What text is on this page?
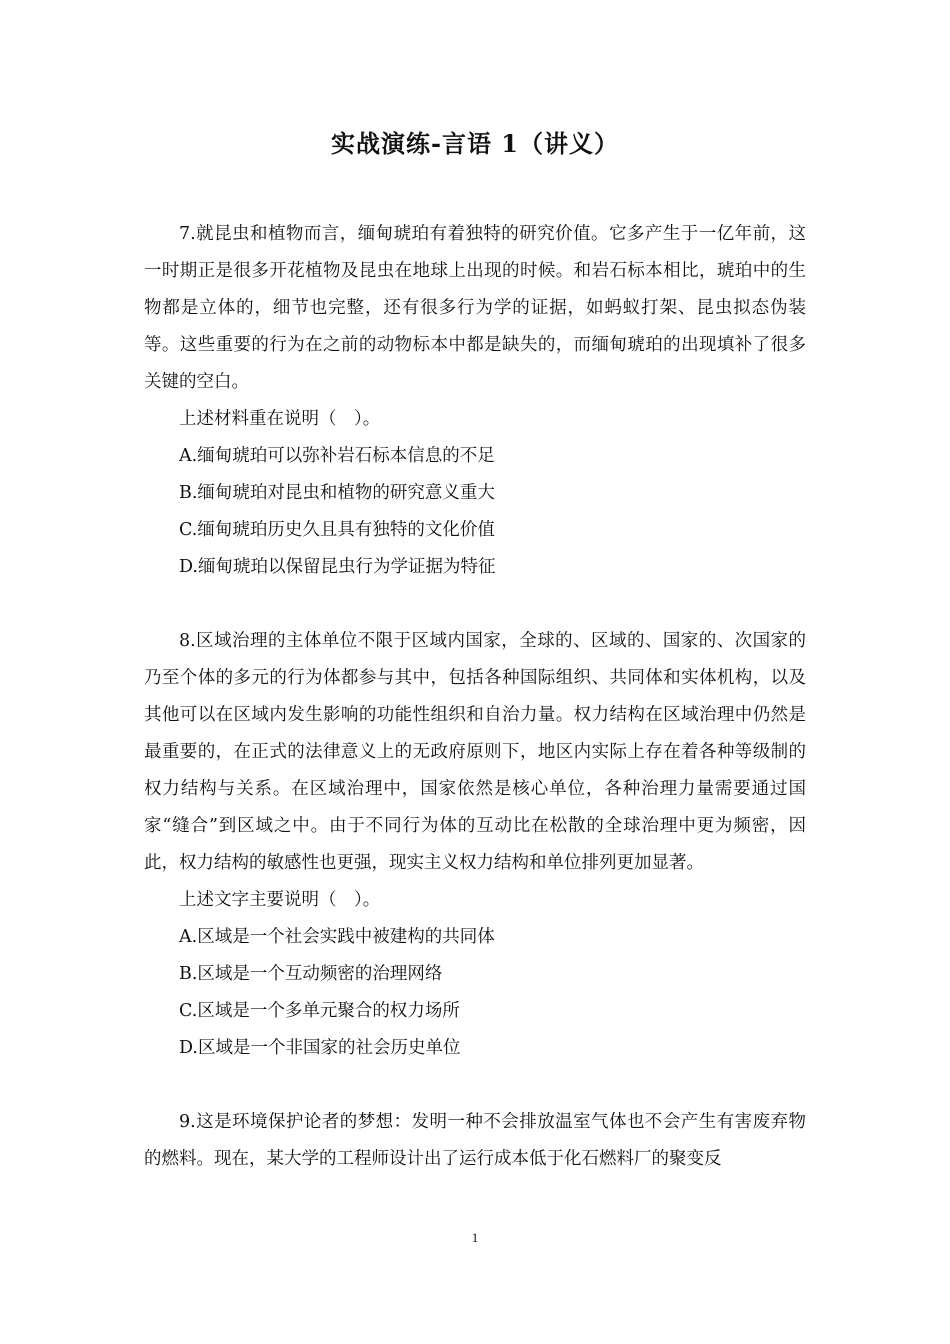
实战演练-言语 1（讲义）

7.就昆虫和植物而言，缅甸琥珀有着独特的研究价值。它多产生于一亿年前，这一时期正是很多开花植物及昆虫在地球上出现的时候。和岩石标本相比，琥珀中的生物都是立体的，细节也完整，还有很多行为学的证据，如蚂蚁打架、昆虫拟态伪装等。这些重要的行为在之前的动物标本中都是缺失的，而缅甸琥珀的出现填补了很多关键的空白。

上述材料重在说明（　）。

A.缅甸琥珀可以弥补岩石标本信息的不足

B.缅甸琥珀对昆虫和植物的研究意义重大

C.缅甸琥珀历史久且具有独特的文化价值

D.缅甸琥珀以保留昆虫行为学证据为特征

8.区域治理的主体单位不限于区域内国家，全球的、区域的、国家的、次国家的乃至个体的多元的行为体都参与其中，包括各种国际组织、共同体和实体机构，以及其他可以在区域内发生影响的功能性组织和自治力量。权力结构在区域治理中仍然是最重要的，在正式的法律意义上的无政府原则下，地区内实际上存在着各种等级制的权力结构与关系。在区域治理中，国家依然是核心单位，各种治理力量需要通过国家“缝合”到区域之中。由于不同行为体的互动比在松散的全球治理中更为频密，因此，权力结构的敏感性也更强，现实主义权力结构和单位排列更加显著。

上述文字主要说明（　）。

A.区域是一个社会实践中被建构的共同体

B.区域是一个互动频密的治理网络

C.区域是一个多单元聚合的权力场所

D.区域是一个非国家的社会历史单位

9.这是环境保护论者的梦想：发明一种不会排放温室气体也不会产生有害废弃物的燃料。现在，某大学的工程师设计出了运行成本低于化石燃料厂的聚变反

1
